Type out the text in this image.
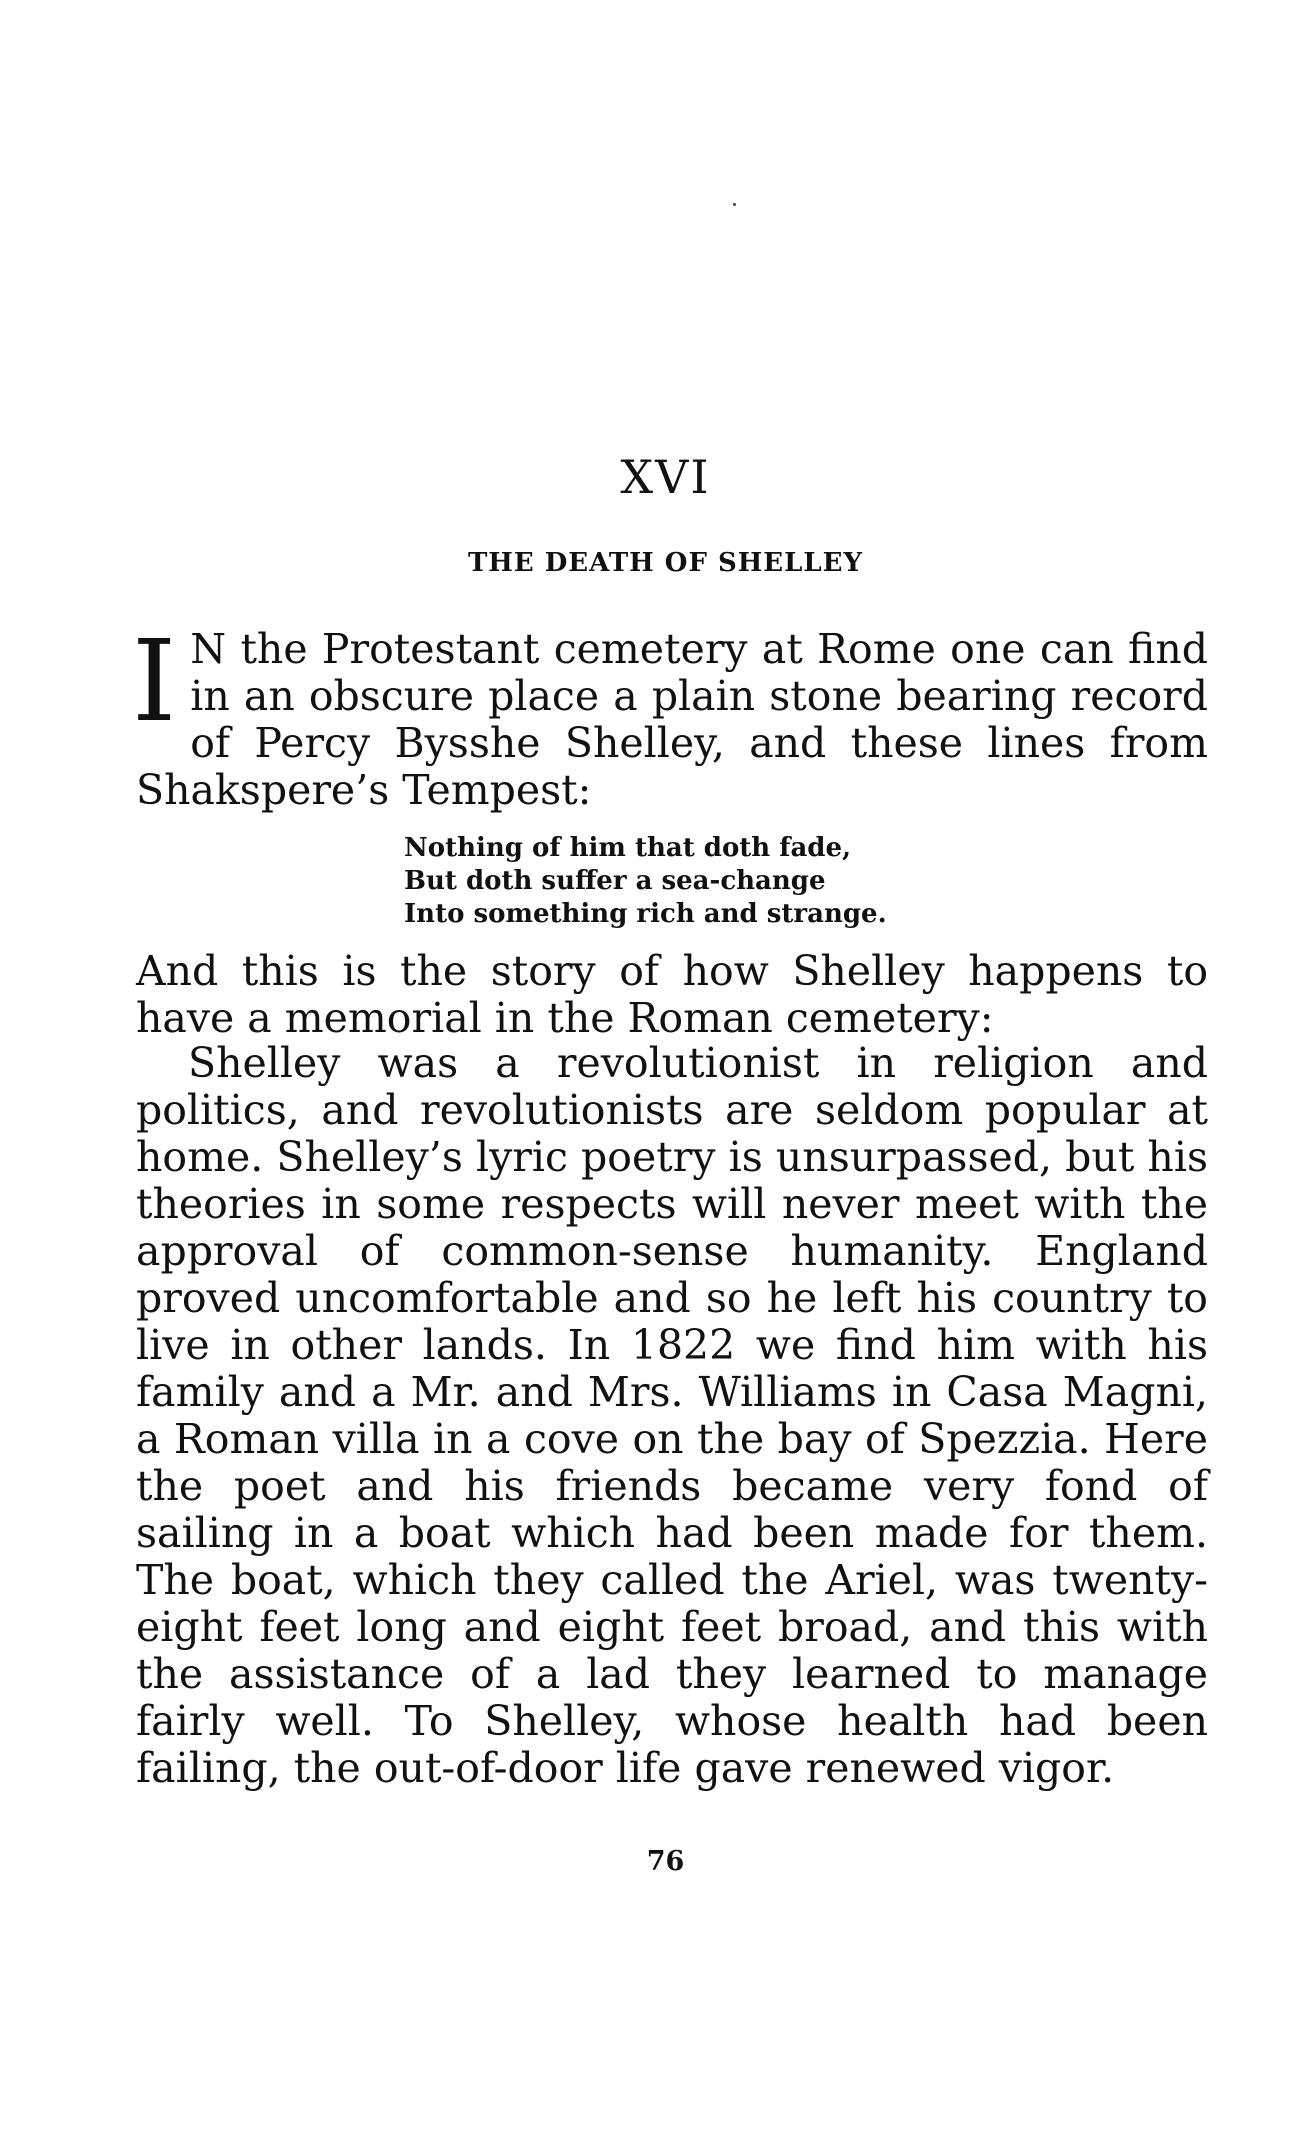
XVI
THE DEATH OF SHELLEY
I N the Protestant cemetery at Rome one can find in an obscure place a plain stone bearing record of Percy Bysshe Shelley, and these lines from Shakspere’s Tempest:
Nothing of him that doth fade,
But doth suffer a sea-change
Into something rich and strange.
And this is the story of how Shelley happens to have a memorial in the Roman cemetery:
Shelley was a revolutionist in religion and politics, and revolutionists are seldom popular at home. Shelley’s lyric poetry is unsurpassed, but his theories in some respects will never meet with the approval of common-sense humanity. England proved uncomfortable and so he left his country to live in other lands. In 1822 we find him with his family and a Mr. and Mrs. Williams in Casa Magni, a Roman villa in a cove on the bay of Spezzia. Here the poet and his friends became very fond of sailing in a boat which had been made for them. The boat, which they called the Ariel, was twenty-eight feet long and eight feet broad, and this with the assistance of a lad they learned to manage fairly well. To Shelley, whose health had been failing, the out-of-door life gave renewed vigor.
76
